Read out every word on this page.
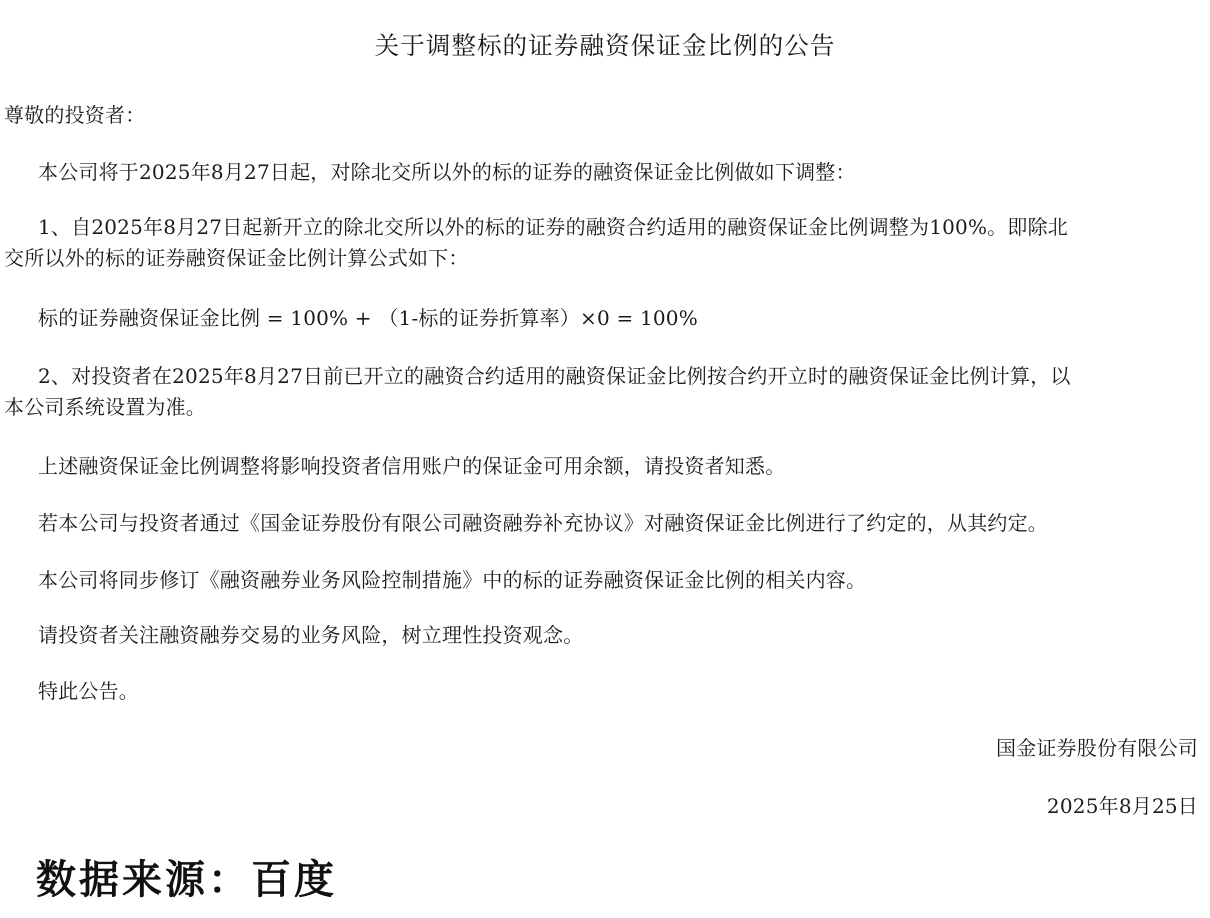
关于调整标的证券融资保证金比例的公告
尊敬的投资者：
本公司将于2025年8月27日起，对除北交所以外的标的证券的融资保证金比例做如下调整：
1、自2025年8月27日起新开立的除北交所以外的标的证券的融资合约适用的融资保证金比例调整为100%。即除北
交所以外的标的证券融资保证金比例计算公式如下：
标的证券融资保证金比例 = 100% + （1-标的证券折算率）×0 = 100%
2、对投资者在2025年8月27日前已开立的融资合约适用的融资保证金比例按合约开立时的融资保证金比例计算，以
本公司系统设置为准。
上述融资保证金比例调整将影响投资者信用账户的保证金可用余额，请投资者知悉。
若本公司与投资者通过《国金证券股份有限公司融资融券补充协议》对融资保证金比例进行了约定的，从其约定。
本公司将同步修订《融资融券业务风险控制措施》中的标的证券融资保证金比例的相关内容。
请投资者关注融资融券交易的业务风险，树立理性投资观念。
特此公告。
国金证券股份有限公司
2025年8月25日
数据来源：百度
